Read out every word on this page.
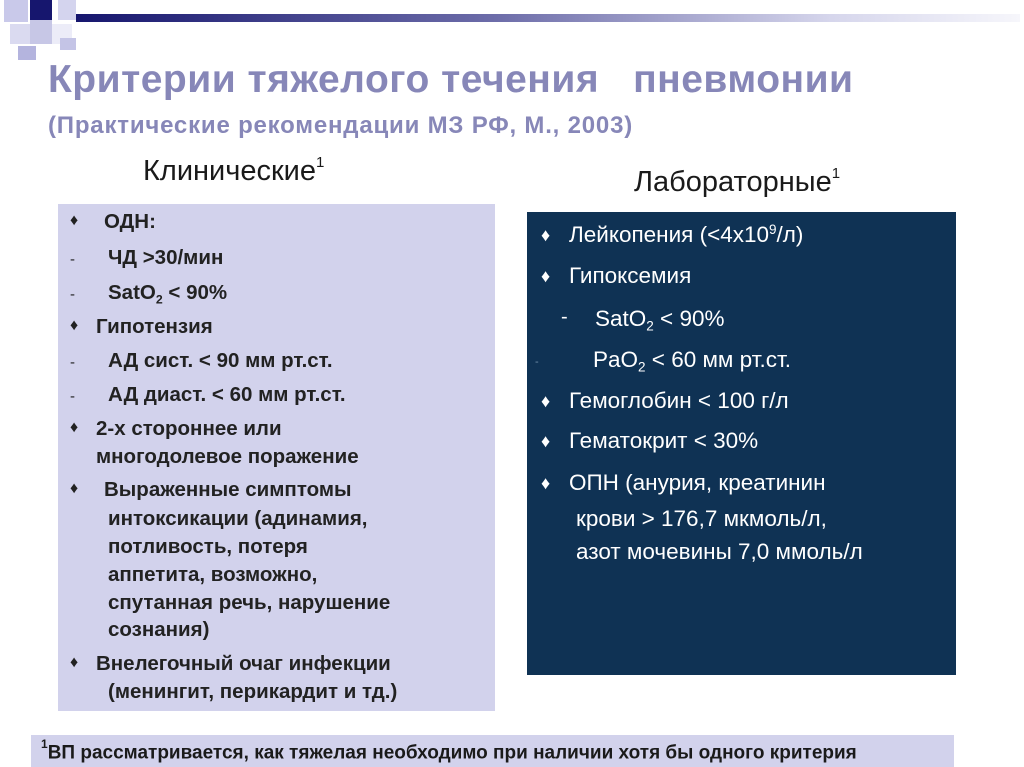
Критерии тяжелого течения   пневмонии
(Практические рекомендации МЗ РФ, М., 2003)
Клинические$^1$
Лабораторные$^1$
♦ ОДН:
- ЧД >30/мин
- SatO$_2$ < 90%
♦ Гипотензия
- АД сист. < 90 мм рт.ст.
- АД диаст. < 60 мм рт.ст.
♦ 2-х стороннее или
многодолевое поражение
♦ Выраженные симптомы
интоксикации (адинамия,
потливость, потеря
аппетита, возможно,
спутанная речь, нарушение
сознания)
♦ Внелегочный очаг инфекции
(менингит, перикардит и тд.)
♦ Лейкопения $(<4х10^9/л)$
♦ Гипоксемия
- SatO$_2$ < 90%
- PaO$_2$ < 60 мм рт.ст.
♦ Гемоглобин < 100 г/л
♦ Гематокрит < 30%
♦ ОПН (анурия, креатинин
крови > 176,7 мкмоль/л,
азот мочевины 7,0 ммоль/л
$^1$ВП рассматривается, как тяжелая необходимо при наличии хотя бы одного критерия
